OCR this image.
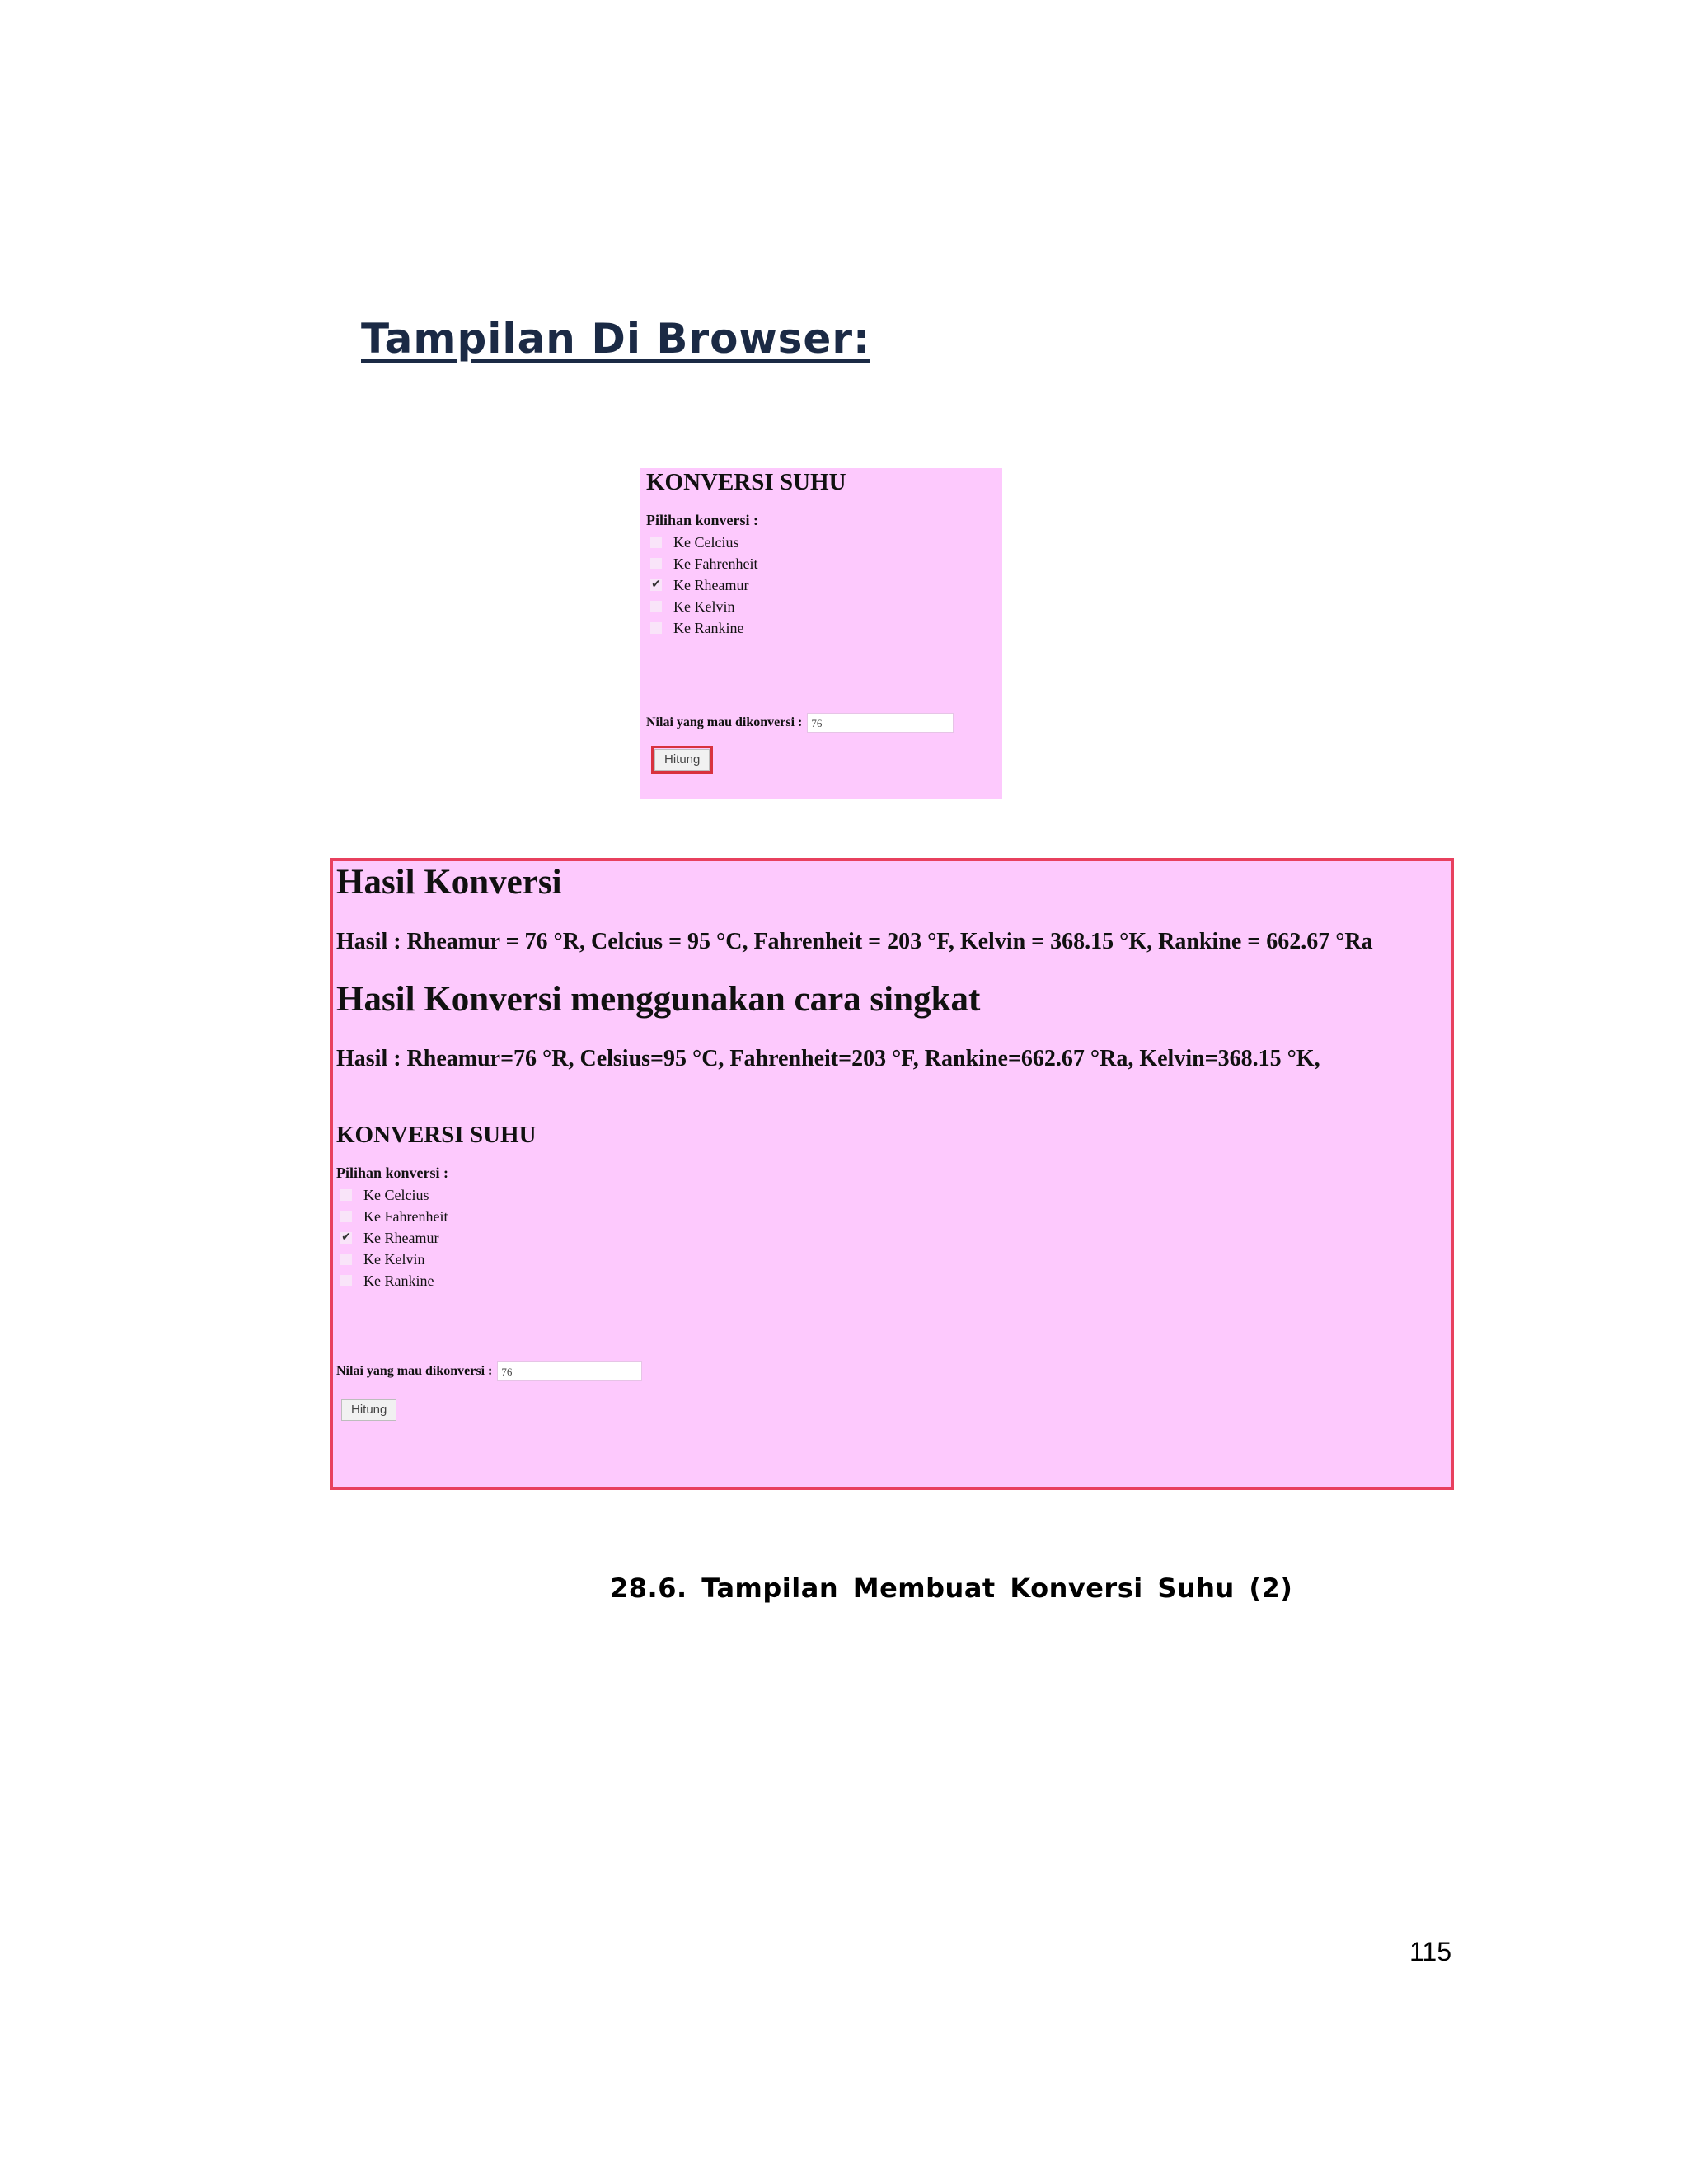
Tampilan Di Browser:
KONVERSI SUHU
Pilihan konversi :
Ke Celcius
Ke Fahrenheit
✔ Ke Rheamur
Ke Kelvin
Ke Rankine
Nilai yang mau dikonversi : 76
Hitung
Hasil Konversi
Hasil : Rheamur = 76 °R, Celcius = 95 °C, Fahrenheit = 203 °F, Kelvin = 368.15 °K, Rankine = 662.67 °Ra
Hasil Konversi menggunakan cara singkat
Hasil : Rheamur=76 °R, Celsius=95 °C, Fahrenheit=203 °F, Rankine=662.67 °Ra, Kelvin=368.15 °K,
KONVERSI SUHU
Pilihan konversi :
Ke Celcius
Ke Fahrenheit
✔ Ke Rheamur
Ke Kelvin
Ke Rankine
Nilai yang mau dikonversi : 76
Hitung

28.6. Tampilan Membuat Konversi Suhu (2)

115
